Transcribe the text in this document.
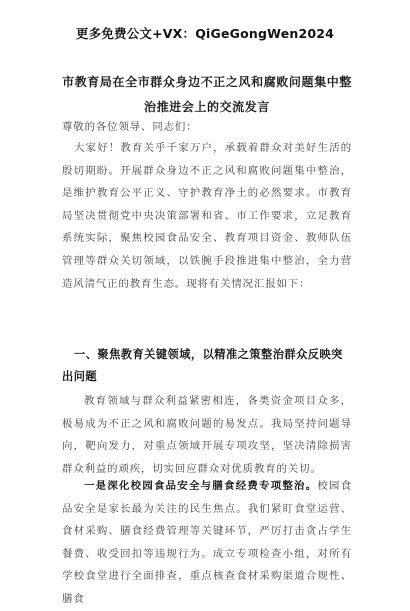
更多免费公文+VX：QiGeGongWen2024
市教育局在全市群众身边不正之风和腐败问题集中整治推进会上的交流发言
尊敬的各位领导、同志们：
大家好！教育关乎千家万户，承载着群众对美好生活的殷切期盼。开展群众身边不正之风和腐败问题集中整治，是维护教育公平正义、守护教育净土的必然要求。市教育局坚决贯彻党中央决策部署和省、市工作要求，立足教育系统实际，聚焦校园食品安全、教育项目资金、教师队伍管理等群众关切领域，以铁腕手段推进集中整治，全力营造风清气正的教育生态。现将有关情况汇报如下：
一、聚焦教育关键领域，以精准之策整治群众反映突出问题
教育领域与群众利益紧密相连，各类资金项目众多，极易成为不正之风和腐败问题的易发点。我局坚持问题导向，靶向发力，对重点领域开展专项攻坚，坚决清除损害群众利益的顽疾，切实回应群众对优质教育的关切。
一是深化校园食品安全与膳食经费专项整治。校园食品安全是家长最为关注的民生焦点。我们紧盯食堂运营、食材采购、膳食经费管理等关键环节，严厉打击贪占学生餐费、收受回扣等违规行为。成立专项检查小组，对所有学校食堂进行全面排查，重点核查食材采购渠道合规性、膳食
